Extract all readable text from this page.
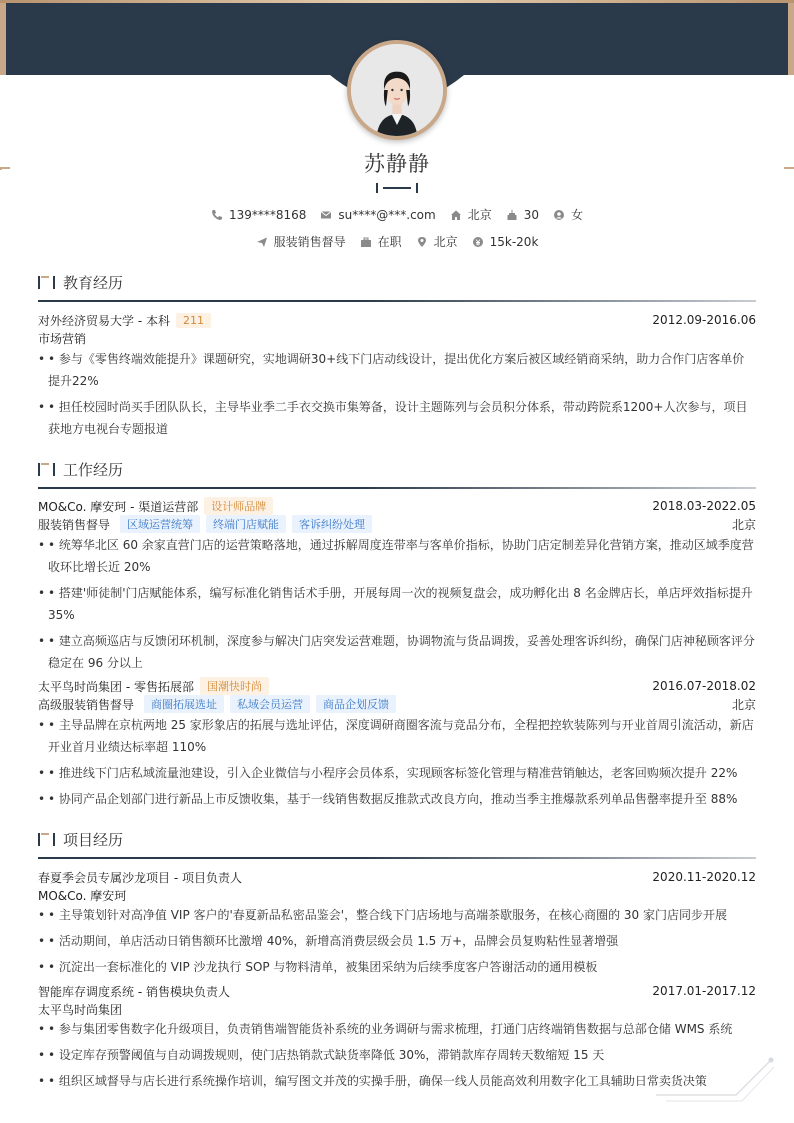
苏静静
139****8168	su****@***.com	北京	30	女
服装销售督导	在职	北京	15k-20k
教育经历
对外经济贸易大学 - 本科	211	2012.09-2016.06
市场营销
• • 参与《零售终端效能提升》课题研究，实地调研30+线下门店动线设计，提出优化方案后被区域经销商采纳，助力合作门店客单价提升22%
• • 担任校园时尚买手团队队长，主导毕业季二手衣交换市集筹备，设计主题陈列与会员积分体系，带动跨院系1200+人次参与，项目获地方电视台专题报道
工作经历
MO&Co. 摩安珂 - 渠道运营部	设计师品牌	2018.03-2022.05
服装销售督导	区域运营统筹	终端门店赋能	客诉纠纷处理	北京
• • 统筹华北区 60 余家直营门店的运营策略落地，通过拆解周度连带率与客单价指标，协助门店定制差异化营销方案，推动区域季度营收环比增长近 20%
• • 搭建'师徒制'门店赋能体系，编写标准化销售话术手册，开展每周一次的视频复盘会，成功孵化出 8 名金牌店长，单店坪效指标提升 35%
• • 建立高频巡店与反馈闭环机制，深度参与解决门店突发运营难题，协调物流与货品调拨，妥善处理客诉纠纷，确保门店神秘顾客评分稳定在 96 分以上
太平鸟时尚集团 - 零售拓展部	国潮快时尚	2016.07-2018.02
高级服装销售督导	商圈拓展选址	私域会员运营	商品企划反馈	北京
• • 主导品牌在京杭两地 25 家形象店的拓展与选址评估，深度调研商圈客流与竞品分布，全程把控软装陈列与开业首周引流活动，新店开业首月业绩达标率超 110%
• • 推进线下门店私域流量池建设，引入企业微信与小程序会员体系，实现顾客标签化管理与精准营销触达，老客回购频次提升 22%
• • 协同产品企划部门进行新品上市反馈收集，基于一线销售数据反推款式改良方向，推动当季主推爆款系列单品售罄率提升至 88%
项目经历
春夏季会员专属沙龙项目 - 项目负责人	2020.11-2020.12
MO&Co. 摩安珂
• • 主导策划针对高净值 VIP 客户的'春夏新品私密品鉴会'，整合线下门店场地与高端茶歇服务，在核心商圈的 30 家门店同步开展
• • 活动期间，单店活动日销售额环比激增 40%，新增高消费层级会员 1.5 万+，品牌会员复购粘性显著增强
• • 沉淀出一套标准化的 VIP 沙龙执行 SOP 与物料清单，被集团采纳为后续季度客户答谢活动的通用模板
智能库存调度系统 - 销售模块负责人	2017.01-2017.12
太平鸟时尚集团
• • 参与集团零售数字化升级项目，负责销售端智能货补系统的业务调研与需求梳理，打通门店终端销售数据与总部仓储 WMS 系统
• • 设定库存预警阈值与自动调拨规则，使门店热销款式缺货率降低 30%，滞销款库存周转天数缩短 15 天
• • 组织区域督导与店长进行系统操作培训，编写图文并茂的实操手册，确保一线人员能高效利用数字化工具辅助日常卖货决策
